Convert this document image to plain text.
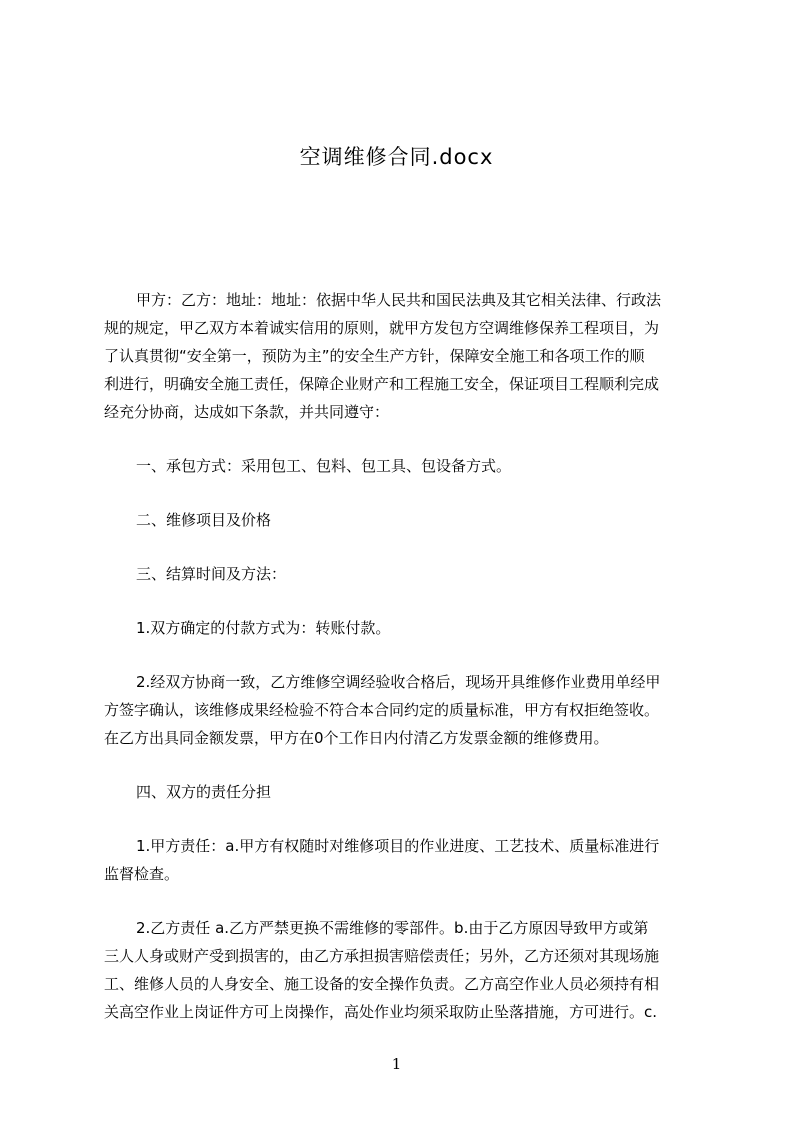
空调维修合同.docx
甲方：乙方：地址：地址：依据中华人民共和国民法典及其它相关法律、行政法
规的规定，甲乙双方本着诚实信用的原则，就甲方发包方空调维修保养工程项目，为
了认真贯彻“安全第一，预防为主”的安全生产方针，保障安全施工和各项工作的顺
利进行，明确安全施工责任，保障企业财产和工程施工安全，保证项目工程顺利完成
经充分协商，达成如下条款，并共同遵守：
一、承包方式：采用包工、包料、包工具、包设备方式。
二、维修项目及价格
三、结算时间及方法：
1.双方确定的付款方式为：转账付款。
2.经双方协商一致，乙方维修空调经验收合格后，现场开具维修作业费用单经甲
方签字确认，该维修成果经检验不符合本合同约定的质量标准，甲方有权拒绝签收。
在乙方出具同金额发票，甲方在0个工作日内付清乙方发票金额的维修费用。
四、双方的责任分担
1.甲方责任：a.甲方有权随时对维修项目的作业进度、工艺技术、质量标准进行
监督检查。
2.乙方责任 a.乙方严禁更换不需维修的零部件。b.由于乙方原因导致甲方或第
三人人身或财产受到损害的，由乙方承担损害赔偿责任；另外，乙方还须对其现场施
工、维修人员的人身安全、施工设备的安全操作负责。乙方高空作业人员必须持有相
关高空作业上岗证件方可上岗操作，高处作业均须采取防止坠落措施，方可进行。c.
1
